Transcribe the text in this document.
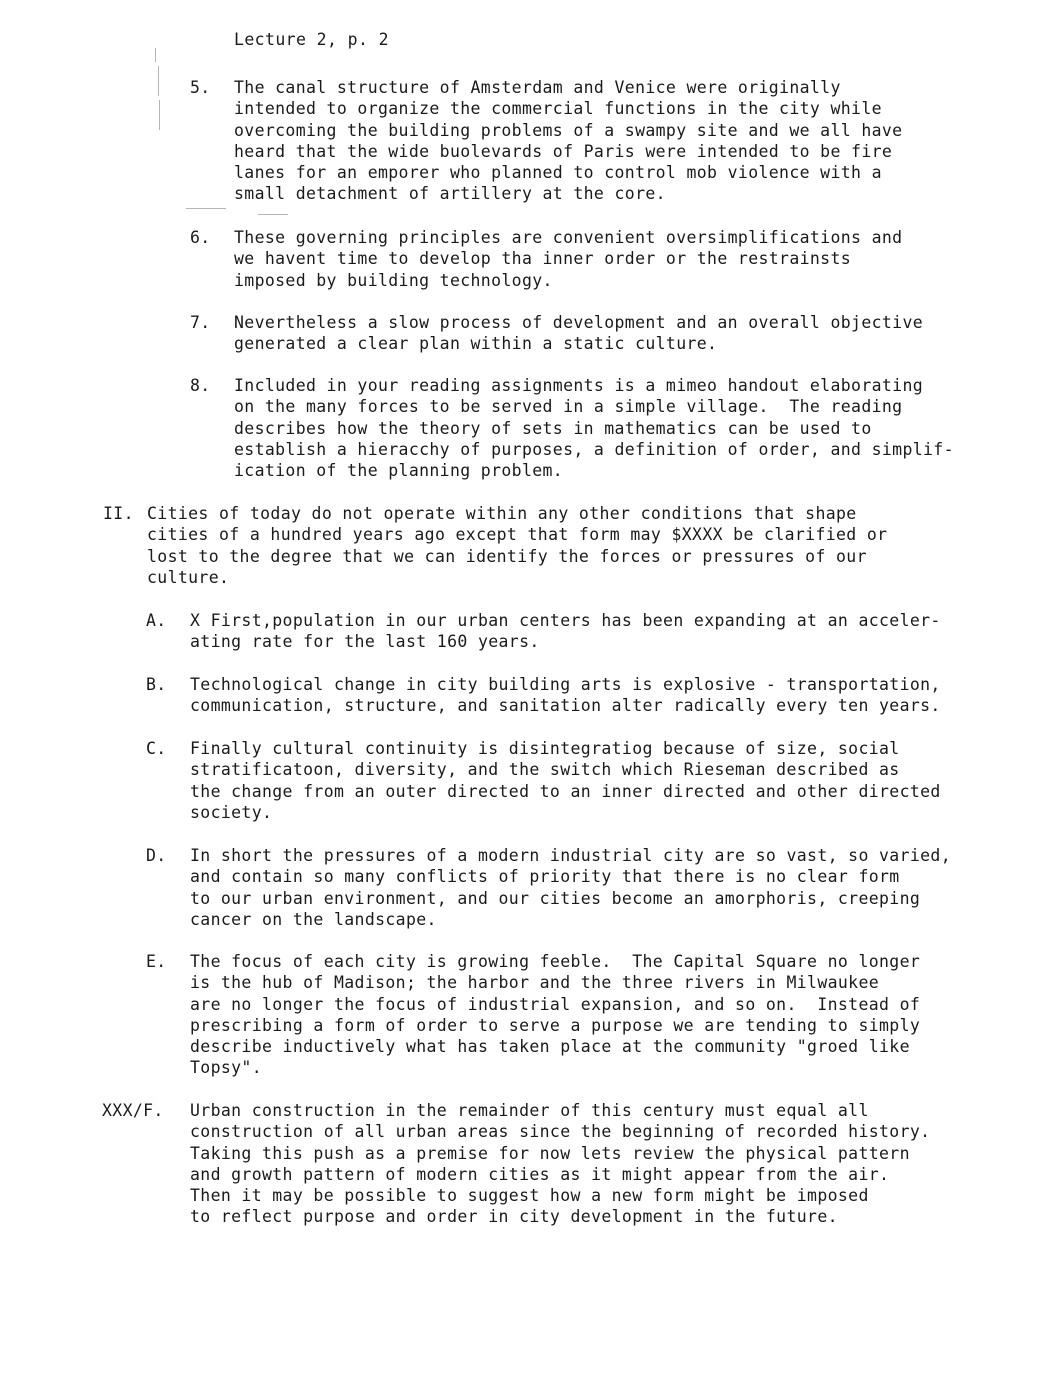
Lecture 2, p. 2
5. The canal structure of Amsterdam and Venice were originally
intended to organize the commercial functions in the city while
overcoming the building problems of a swampy site and we all have
heard that the wide buolevards of Paris were intended to be fire
lanes for an emporer who planned to control mob violence with a
small detachment of artillery at the core.
6. These governing principles are convenient oversimplifications and
we havent time to develop tha inner order or the restrainsts
imposed by building technology.
7. Nevertheless a slow process of development and an overall objective
generated a clear plan within a static culture.
8. Included in your reading assignments is a mimeo handout elaborating
on the many forces to be served in a simple village.  The reading
describes how the theory of sets in mathematics can be used to
establish a hieracchy of purposes, a definition of order, and simplif-
ication of the planning problem.
II. Cities of today do not operate within any other conditions that shape
cities of a hundred years ago except that form may $XXXX be clarified or
lost to the degree that we can identify the forces or pressures of our
culture.
A. X First,population in our urban centers has been expanding at an acceler-
ating rate for the last 160 years.
B. Technological change in city building arts is explosive - transportation,
communication, structure, and sanitation alter radically every ten years.
C. Finally cultural continuity is disintegratiog because of size, social
stratificatoon, diversity, and the switch which Rieseman described as
the change from an outer directed to an inner directed and other directed
society.
D. In short the pressures of a modern industrial city are so vast, so varied,
and contain so many conflicts of priority that there is no clear form
to our urban environment, and our cities become an amorphoris, creeping
cancer on the landscape.
E. The focus of each city is growing feeble.  The Capital Square no longer
is the hub of Madison; the harbor and the three rivers in Milwaukee
are no longer the focus of industrial expansion, and so on.  Instead of
prescribing a form of order to serve a purpose we are tending to simply
describe inductively what has taken place at the community "groed like
Topsy".
XXX/F. Urban construction in the remainder of this century must equal all
construction of all urban areas since the beginning of recorded history.
Taking this push as a premise for now lets review the physical pattern
and growth pattern of modern cities as it might appear from the air.
Then it may be possible to suggest how a new form might be imposed
to reflect purpose and order in city development in the future.
